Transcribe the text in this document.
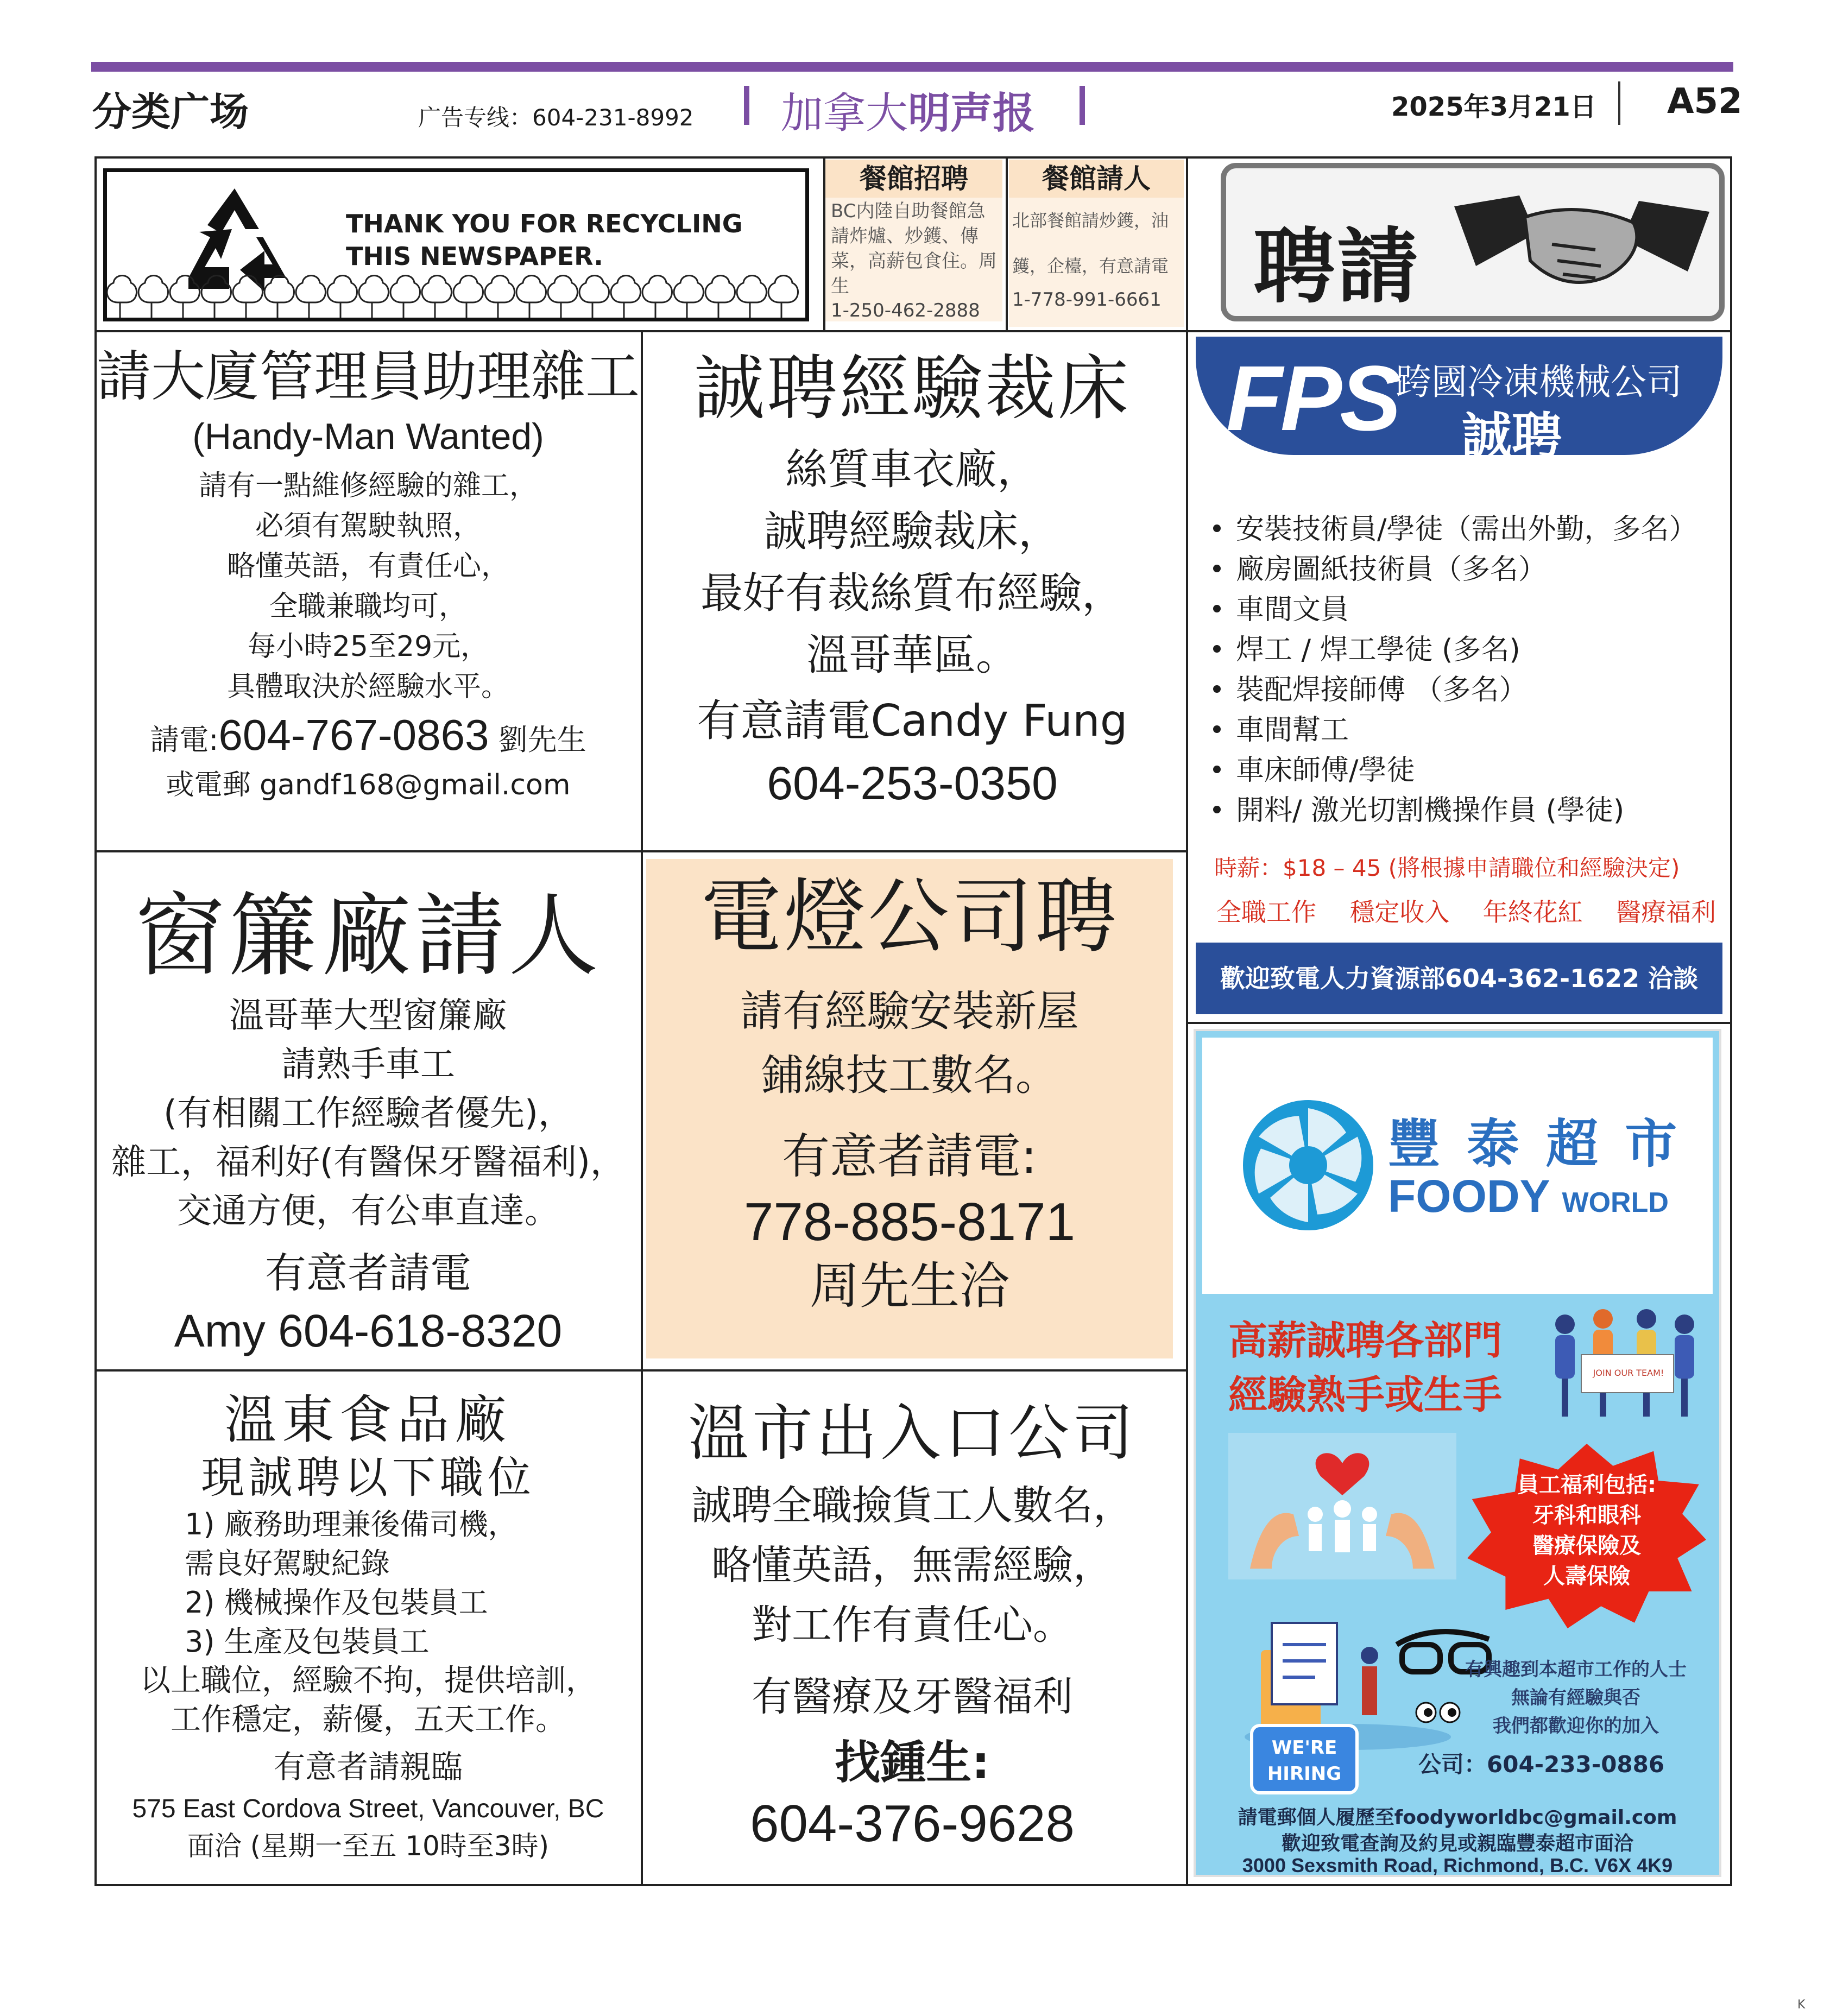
分类广场	广告专线：604-231-8992 加拿大明声报	2025年3月21日 A52
THANK YOU FOR RECYCLING
THIS NEWSPAPER.
餐館招聘
BC内陸自助餐館急請炸爐、炒鑊、傳菜，高薪包食住。周生
1-250-462-2888
餐館請人
北部餐館請炒鑊，油鑊，企檯，有意請電
1-778-991-6661 聘請
請大廈管理員助理雜工
(Handy-Man Wanted)
請有一點維修經驗的雜工，
必須有駕駛執照，
略懂英語，有責任心，
全職兼職均可，
每小時25至29元，
具體取決於經驗水平。
請電:604-767-0863 劉先生
或電郵 gandf168@gmail.com
誠聘經驗裁床
絲質車衣廠，
誠聘經驗裁床，
最好有裁絲質布經驗，
溫哥華區。
有意請電Candy Fung
604-253-0350
FPS
跨國冷凍機械公司
誠聘
安裝技術員/學徒（需出外勤，多名）
廠房圖紙技術員（多名）
車間文員
焊工 / 焊工學徒 (多名)
裝配焊接師傅 （多名）
車間幫工
車床師傅/學徒
開料/ 激光切割機操作員 (學徒)
時薪：$18 – 45 (將根據申請職位和經驗決定)
全職工作 穩定收入 年終花紅 醫療福利
歡迎致電人力資源部604-362-1622 洽談
窗簾廠請人
溫哥華大型窗簾廠
請熟手車工
(有相關工作經驗者優先)，
雜工，福利好(有醫保牙醫福利)，
交通方便，有公車直達。
有意者請電
Amy 604-618-8320
電燈公司聘
請有經驗安裝新屋
鋪線技工數名。
有意者請電:
778-885-8171
周先生洽
豐 泰 超 市
FOODY WORLD
高薪誠聘各部門
經驗熟手或生手	JOIN OUR TEAM!
員工福利包括:
牙科和眼科
醫療保險及
人壽保險
有興趣到本超市工作的人士
無論有經驗與否
我們都歡迎你的加入
WE'RE
HIRING	公司：604-233-0886
請電郵個人履歷至foodyworldbc@gmail.com
歡迎致電查詢及約見或親臨豐泰超市面洽
3000 Sexsmith Road, Richmond, B.C. V6X 4K9
溫東食品廠
現誠聘以下職位
1) 廠務助理兼後備司機，
需良好駕駛紀錄
2) 機械操作及包裝員工
3) 生產及包裝員工
以上職位，經驗不拘，提供培訓，
工作穩定，薪優，五天工作。
有意者請親臨
575 East Cordova Street, Vancouver, BC
面洽 (星期一至五 10時至3時)
溫市出入口公司
誠聘全職撿貨工人數名，
略懂英語，無需經驗，
對工作有責任心。
有醫療及牙醫福利
找鍾生:
604-376-9628
K
